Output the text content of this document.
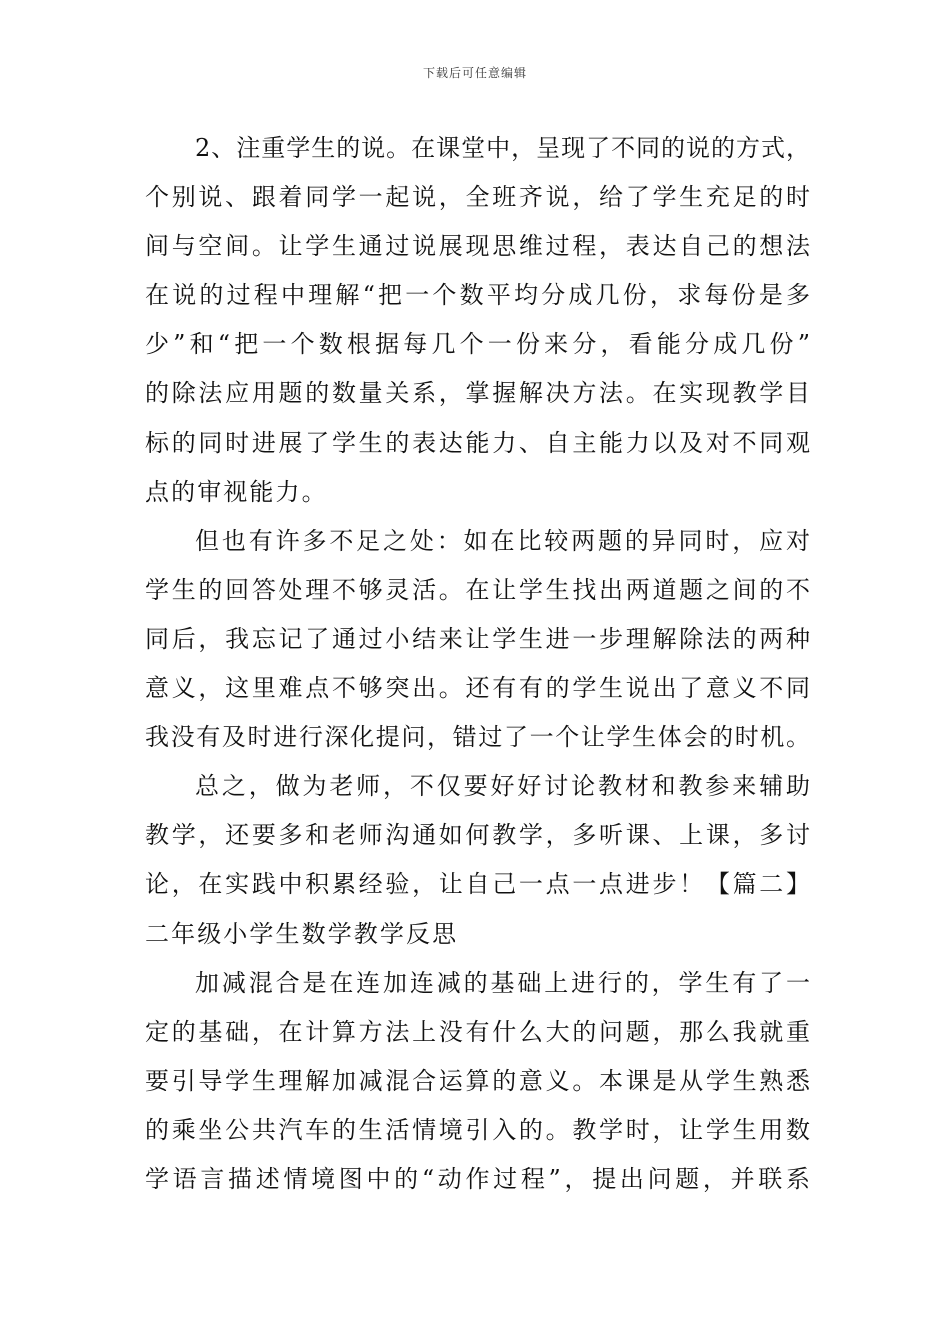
下载后可任意编辑
2、注重学生的说。在课堂中，呈现了不同的说的方式，
个别说、跟着同学一起说，全班齐说，给了学生充足的时
间与空间。让学生通过说展现思维过程，表达自己的想法
在说的过程中理解“把一个数平均分成几份，求每份是多
少”和“把一个数根据每几个一份来分，看能分成几份”
的除法应用题的数量关系，掌握解决方法。在实现教学目
标的同时进展了学生的表达能力、自主能力以及对不同观
点的审视能力。
但也有许多不足之处：如在比较两题的异同时，应对
学生的回答处理不够灵活。在让学生找出两道题之间的不
同后，我忘记了通过小结来让学生进一步理解除法的两种
意义，这里难点不够突出。还有有的学生说出了意义不同
我没有及时进行深化提问，错过了一个让学生体会的时机。
总之，做为老师，不仅要好好讨论教材和教参来辅助
教学，还要多和老师沟通如何教学，多听课、上课，多讨
论，在实践中积累经验，让自己一点一点进步！【篇二】
二年级小学生数学教学反思
加减混合是在连加连减的基础上进行的，学生有了一
定的基础，在计算方法上没有什么大的问题，那么我就重
要引导学生理解加减混合运算的意义。本课是从学生熟悉
的乘坐公共汽车的生活情境引入的。教学时，让学生用数
学语言描述情境图中的“动作过程”，提出问题，并联系
